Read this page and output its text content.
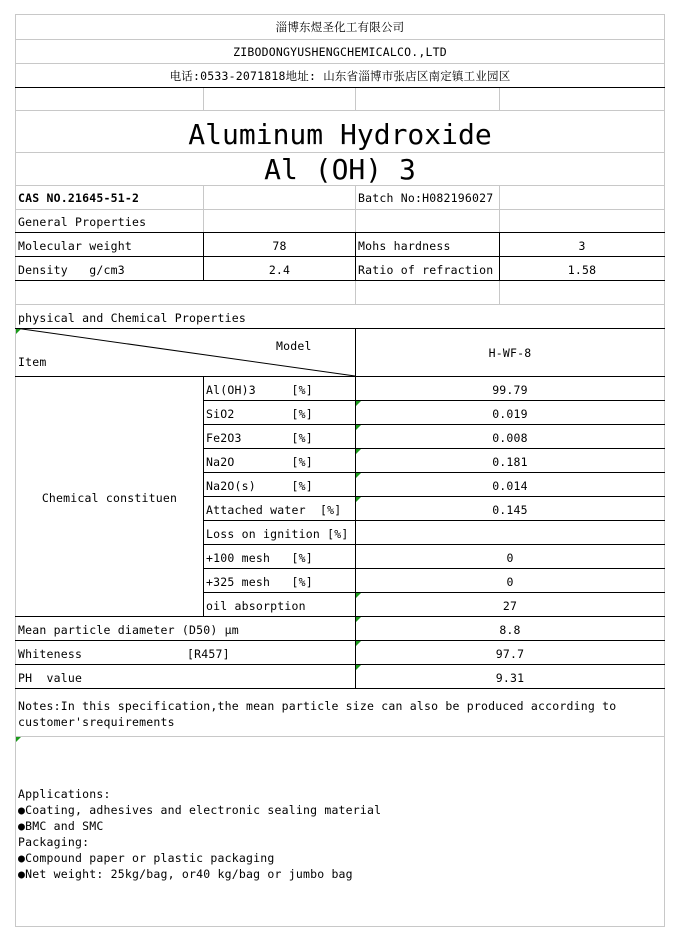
淄博东煜圣化工有限公司
ZIBODONGYUSHENGCHEMICALCO.,LTD
电话:0533-2071818地址: 山东省淄博市张店区南定镇工业园区
Aluminum Hydroxide
Al (OH) 3
CAS NO.21645-51-2	Batch No:H082196027
General Properties
Molecular weight	78	Mohs hardness	3
Density   g/cm3	2.4	Ratio of refraction	1.58
physical and Chemical Properties
Model
Item
H-WF-8
Chemical constituen
Al(OH)3     [%]	99.79
SiO2        [%]	0.019
Fe2O3       [%]	0.008
Na2O        [%]	0.181
Na2O(s)     [%]	0.014
Attached water  [%]	0.145
Loss on ignition [%]
+100 mesh   [%]	0
+325 mesh   [%]	0
oil absorption	27
Mean particle diameter (D50) μm	8.8
Whiteness	[R457]	97.7
PH  value	9.31
Notes:In this specification,the mean particle size can also be produced according to
customer'srequirements
Applications:
●Coating, adhesives and electronic sealing material
●BMC and SMC
Packaging:
●Compound paper or plastic packaging
●Net weight: 25kg/bag, or40 kg/bag or jumbo bag
